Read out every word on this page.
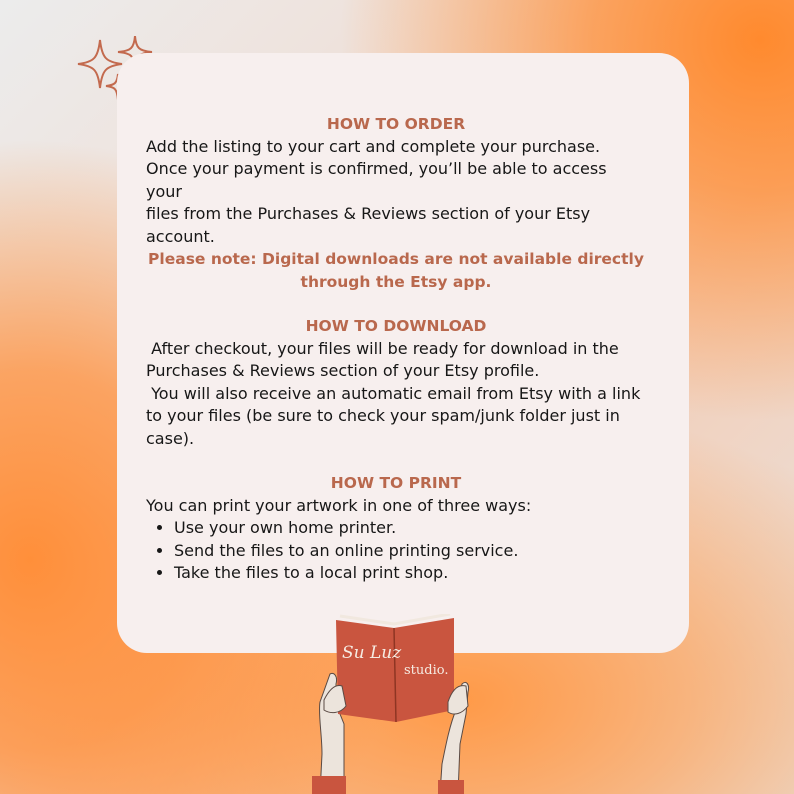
HOW TO ORDER

Add the listing to your cart and complete your purchase.

Once your payment is confirmed, you’ll be able to access your

files from the Purchases & Reviews section of your Etsy

account.

Please note: Digital downloads are not available directly

through the Etsy app.

HOW TO DOWNLOAD

After checkout, your files will be ready for download in the

Purchases & Reviews section of your Etsy profile.

You will also receive an automatic email from Etsy with a link

to your files (be sure to check your spam/junk folder just in

case).

HOW TO PRINT

You can print your artwork in one of three ways:

• Use your own home printer.
• Send the files to an online printing service.
• Take the files to a local print shop.
Su Luz
studio.
